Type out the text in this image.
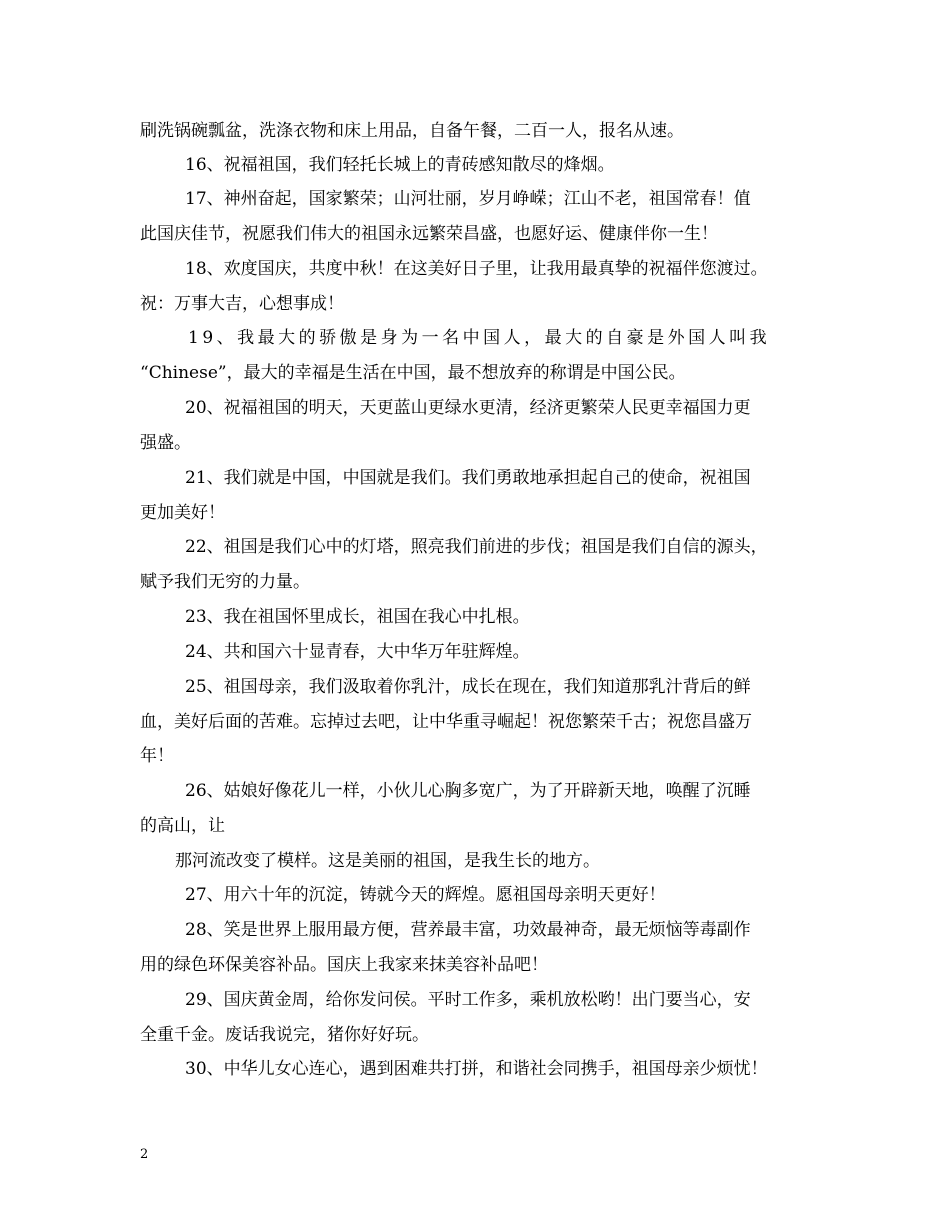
刷洗锅碗瓢盆，洗涤衣物和床上用品，自备午餐，二百一人，报名从速。
16、祝福祖国，我们轻托长城上的青砖感知散尽的烽烟。
17、神州奋起，国家繁荣；山河壮丽，岁月峥嵘；江山不老，祖国常春！值
此国庆佳节，祝愿我们伟大的祖国永远繁荣昌盛，也愿好运、健康伴你一生！
18、欢度国庆，共度中秋！在这美好日子里，让我用最真挚的祝福伴您渡过。
祝：万事大吉，心想事成！
19、我最大的骄傲是身为一名中国人，最大的自豪是外国人叫我
“Chinese”，最大的幸福是生活在中国，最不想放弃的称谓是中国公民。
20、祝福祖国的明天，天更蓝山更绿水更清，经济更繁荣人民更幸福国力更
强盛。
21、我们就是中国，中国就是我们。我们勇敢地承担起自己的使命，祝祖国
更加美好！
22、祖国是我们心中的灯塔，照亮我们前进的步伐；祖国是我们自信的源头，
赋予我们无穷的力量。
23、我在祖国怀里成长，祖国在我心中扎根。
24、共和国六十显青春，大中华万年驻辉煌。
25、祖国母亲，我们汲取着你乳汁，成长在现在，我们知道那乳汁背后的鲜
血，美好后面的苦难。忘掉过去吧，让中华重寻崛起！祝您繁荣千古；祝您昌盛万
年！
26、姑娘好像花儿一样，小伙儿心胸多宽广，为了开辟新天地，唤醒了沉睡
的高山，让
那河流改变了模样。这是美丽的祖国，是我生长的地方。
27、用六十年的沉淀，铸就今天的辉煌。愿祖国母亲明天更好！
28、笑是世界上服用最方便，营养最丰富，功效最神奇，最无烦恼等毒副作
用的绿色环保美容补品。国庆上我家来抹美容补品吧！
29、国庆黄金周，给你发问侯。平时工作多，乘机放松哟！出门要当心，安
全重千金。废话我说完，猪你好好玩。
30、中华儿女心连心，遇到困难共打拼，和谐社会同携手，祖国母亲少烦忧！
2
